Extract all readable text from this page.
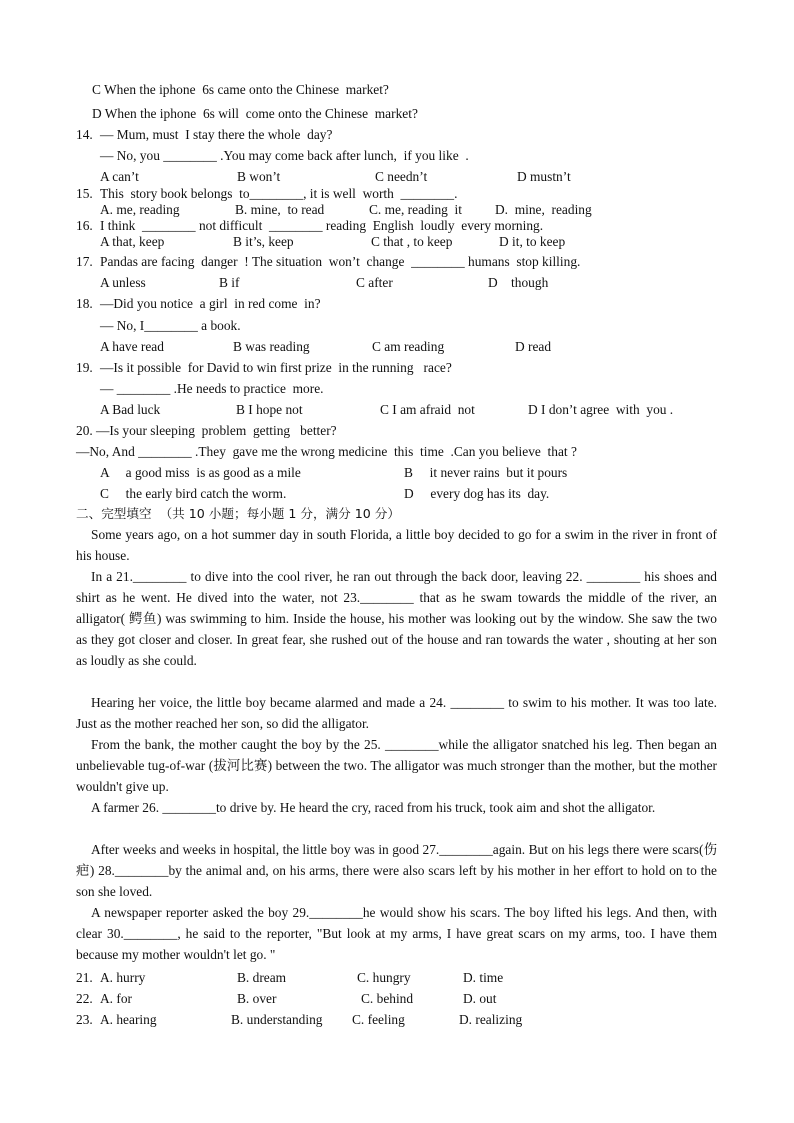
C When the iphone  6s came onto the Chinese  market?
D When the iphone  6s will  come onto the Chinese  market?
14. — Mum, must  I stay there the whole  day?
— No, you ________ .You may come back after lunch,  if you like  .
A can’t	B won’t	C needn’t	D mustn’t
15. This  story book belongs  to________, it is well  worth  ________.
A. me, reading	B. mine,  to read	C. me, reading  it D.  mine,  reading
16. I think  ________ not difficult  ________ reading  English  loudly  every morning.
A that, keep	B it’s, keep	C that , to keep	D it, to keep
17. Pandas are facing  danger  ! The situation  won’t  change  ________ humans  stop killing.
A unless	B if	C after	D    though
18. —Did you notice  a girl  in red come  in?
— No, I________ a book.
A have read	B was reading	C am reading	D read
19. —Is it possible  for David to win first prize  in the running   race?
— ________ .He needs to practice  more.
A Bad luck	B I hope not	C I am afraid  not	D I don’t agree  with  you .
20. —Is your sleeping  problem  getting   better?
—No, And ________ .They  gave me the wrong medicine  this  time  .Can you believe  that ?
A     a good miss  is as good as a mile	B     it never rains  but it pours
C     the early bird catch the worm.	D     every dog has its  day.
二、完型填空  （共 10 小题；每小题 1 分，满分 10 分）
Some years ago, on a hot summer day in south Florida, a little boy decided to go for a swim in the river in front of his house.
In a 21.________ to dive into the cool river, he ran out through the back door, leaving 22. ________ his shoes and shirt as he went. He dived into the water, not 23.________ that as he swam towards the middle of the river, an alligator( 鳄鱼) was swimming to him. Inside the house, his mother was looking out by the window. She saw the two as they got closer and closer. In great fear, she rushed out of the house and ran towards the water , shouting at her son as loudly as she could.
Hearing her voice, the little boy became alarmed and made a 24. ________ to swim to his mother. It was too late. Just as the mother reached her son, so did the alligator.
From the bank, the mother caught the boy by the 25. ________while the alligator snatched his leg. Then began an unbelievable tug-of-war (拔河比赛) between the two. The alligator was much stronger than the mother, but the mother wouldn't give up.
A farmer 26. ________to drive by. He heard the cry, raced from his truck, took aim and shot the alligator.
After weeks and weeks in hospital, the little boy was in good 27.________again. But on his legs there were scars(伤疤) 28.________by the animal and, on his arms, there were also scars left by his mother in her effort to hold on to the son she loved.
A newspaper reporter asked the boy 29.________he would show his scars. The boy lifted his legs. And then, with clear 30.________, he said to the reporter, "But look at my arms, I have great scars on my arms, too. I have them because my mother wouldn't let go. "
21. A. hurry	B. dream	C. hungry	D. time
22. A. for	B. over	C. behind	D. out
23. A. hearing	B. understanding C. feeling	D. realizing
